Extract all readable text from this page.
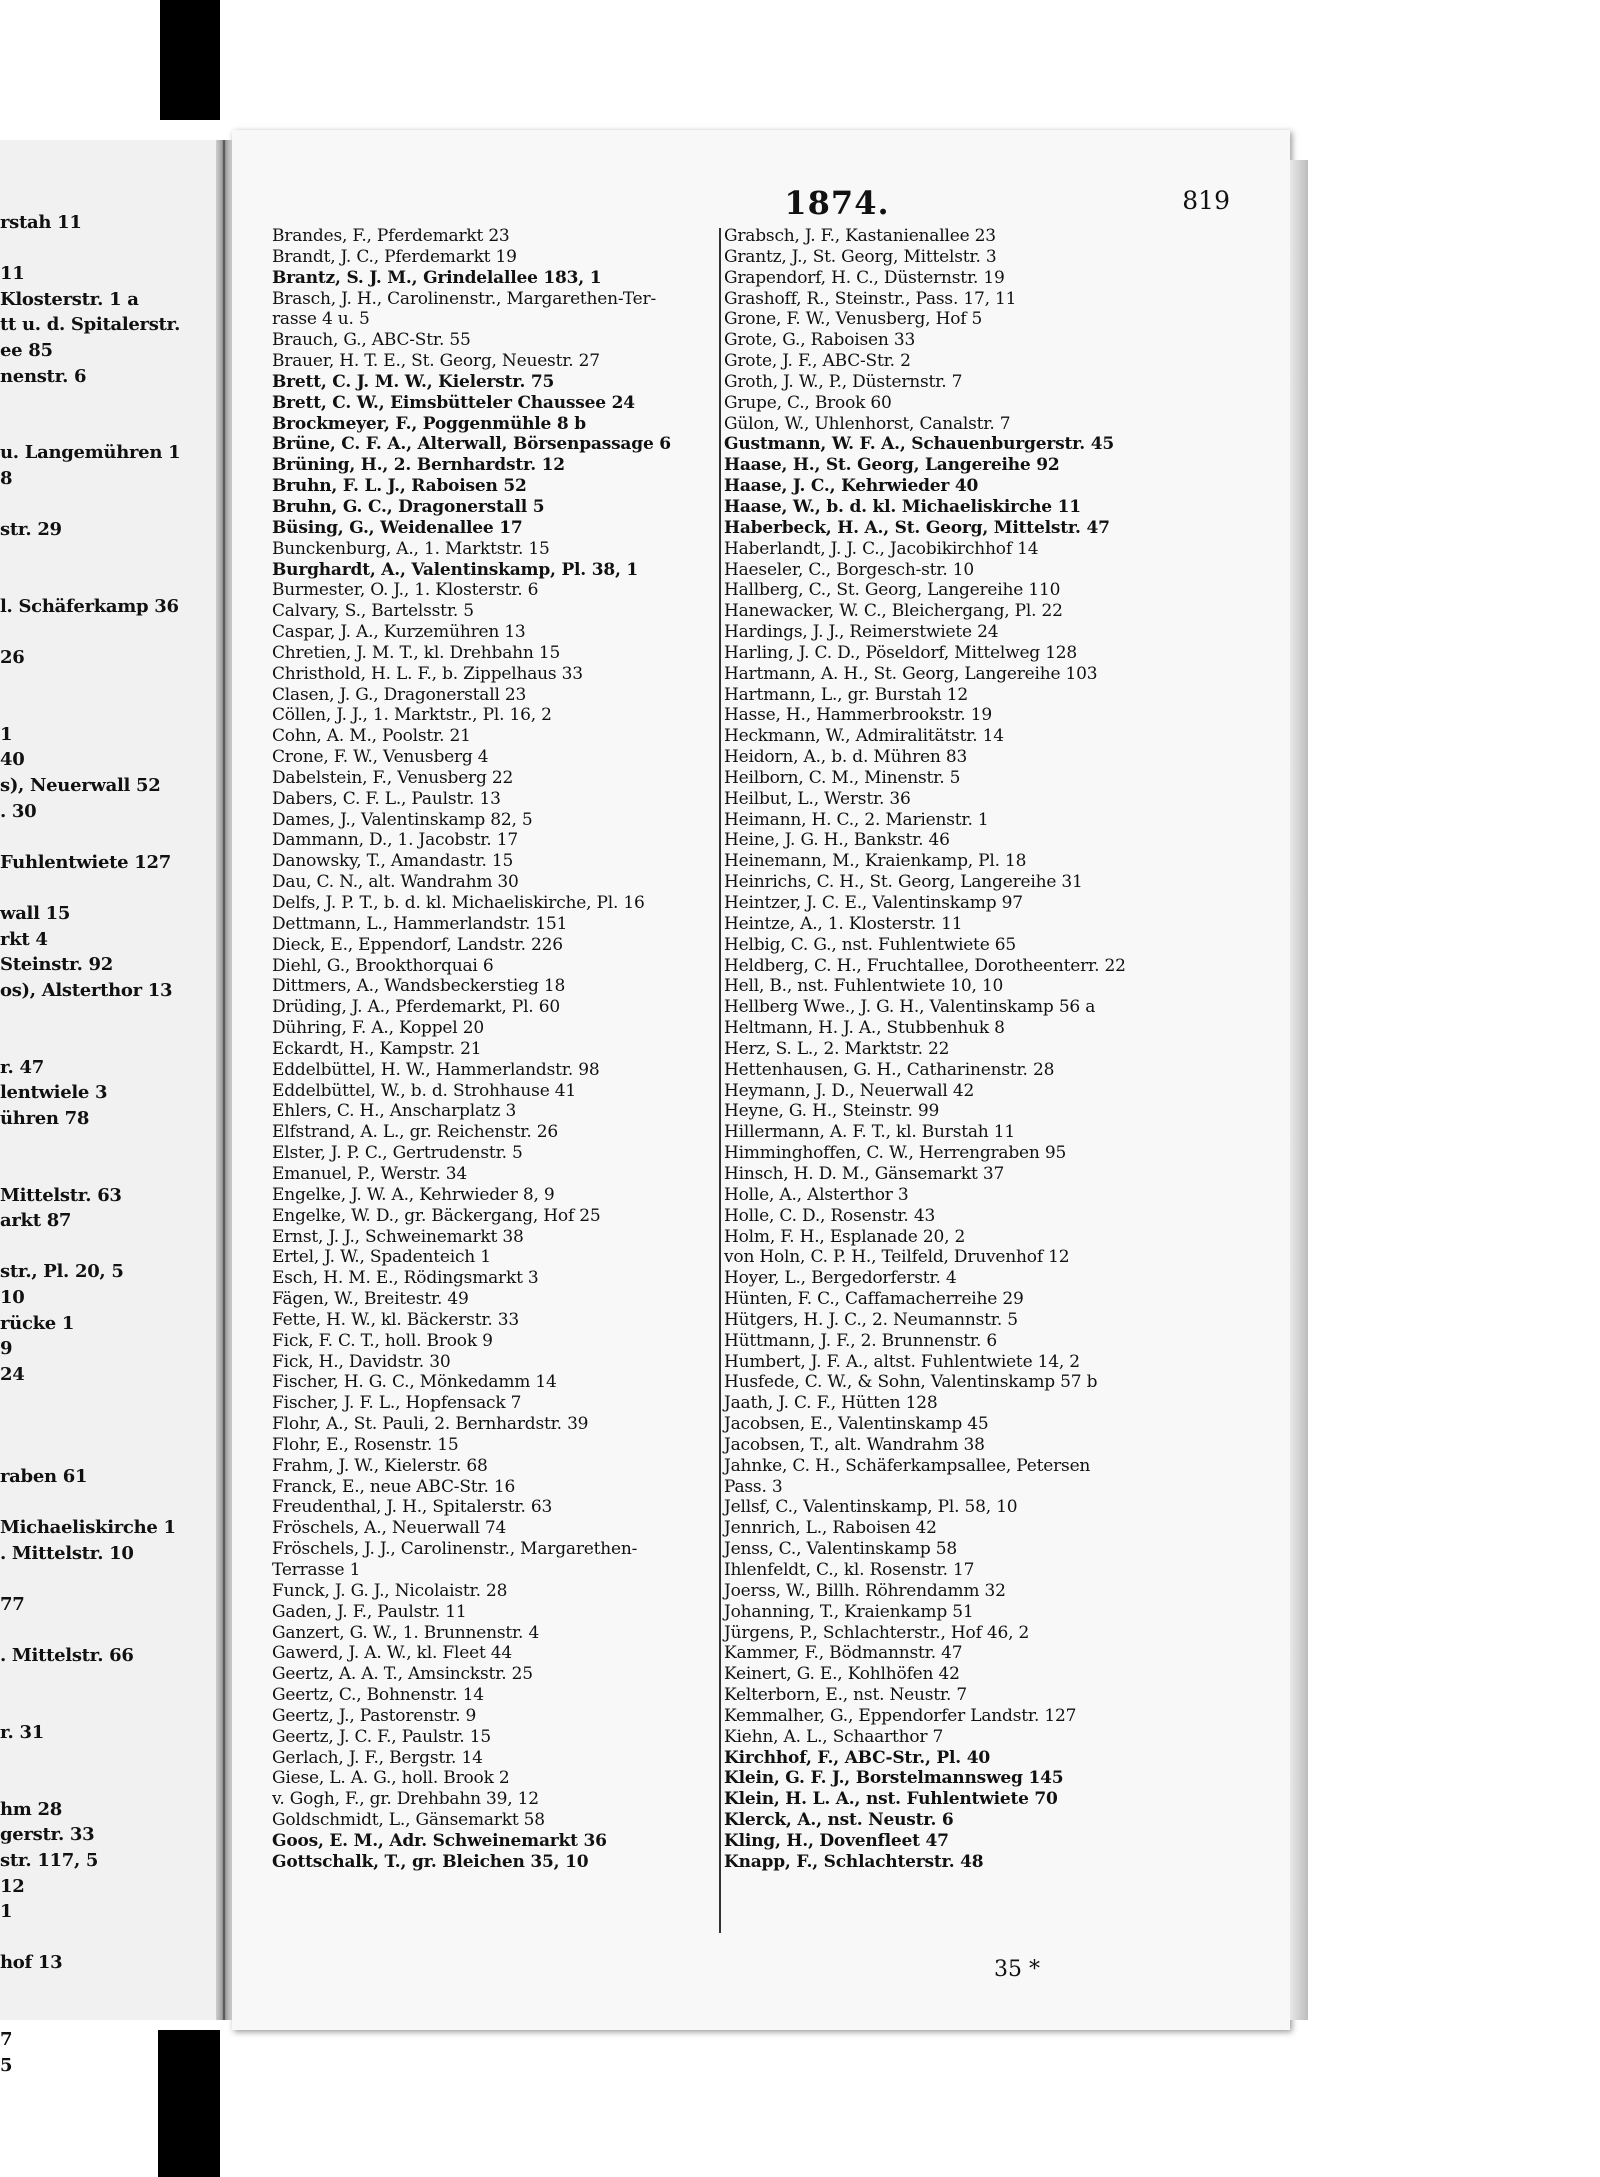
rstah 11
11
Klosterstr. 1 a
tt u. d. Spitalerstr.
ee 85
nenstr. 6
u. Langemühren 1
8
str. 29
l. Schäferkamp 36
26
1
40
s), Neuerwall 52
. 30
Fuhlentwiete 127
wall 15
rkt 4
Steinstr. 92
os), Alsterthor 13
r. 47
lentwiele 3
ühren 78
Mittelstr. 63
arkt 87
str., Pl. 20, 5
10
rücke 1
9
24
raben 61
Michaeliskirche 1
. Mittelstr. 10
77
. Mittelstr. 66
r. 31
hm 28
gerstr. 33
str. 117, 5
12
1
hof 13
7
5
1874.	819
Brandes, F., Pferdemarkt 23
Brandt, J. C., Pferdemarkt 19
Brantz, S. J. M., Grindelallee 183, 1
Brasch, J. H., Carolinenstr., Margarethen-Ter-
rasse 4 u. 5
Brauch, G., ABC-Str. 55
Brauer, H. T. E., St. Georg, Neuestr. 27
Brett, C. J. M. W., Kielerstr. 75
Brett, C. W., Eimsbütteler Chaussee 24
Brockmeyer, F., Poggenmühle 8 b
Brüne, C. F. A., Alterwall, Börsenpassage 6
Brüning, H., 2. Bernhardstr. 12
Bruhn, F. L. J., Raboisen 52
Bruhn, G. C., Dragonerstall 5
Büsing, G., Weidenallee 17
Bunckenburg, A., 1. Marktstr. 15
Burghardt, A., Valentinskamp, Pl. 38, 1
Burmester, O. J., 1. Klosterstr. 6
Calvary, S., Bartelsstr. 5
Caspar, J. A., Kurzemühren 13
Chretien, J. M. T., kl. Drehbahn 15
Christhold, H. L. F., b. Zippelhaus 33
Clasen, J. G., Dragonerstall 23
Cöllen, J. J., 1. Marktstr., Pl. 16, 2
Cohn, A. M., Poolstr. 21
Crone, F. W., Venusberg 4
Dabelstein, F., Venusberg 22
Dabers, C. F. L., Paulstr. 13
Dames, J., Valentinskamp 82, 5
Dammann, D., 1. Jacobstr. 17
Danowsky, T., Amandastr. 15
Dau, C. N., alt. Wandrahm 30
Delfs, J. P. T., b. d. kl. Michaeliskirche, Pl. 16
Dettmann, L., Hammerlandstr. 151
Dieck, E., Eppendorf, Landstr. 226
Diehl, G., Brookthorquai 6
Dittmers, A., Wandsbeckerstieg 18
Drüding, J. A., Pferdemarkt, Pl. 60
Dühring, F. A., Koppel 20
Eckardt, H., Kampstr. 21
Eddelbüttel, H. W., Hammerlandstr. 98
Eddelbüttel, W., b. d. Strohhause 41
Ehlers, C. H., Anscharplatz 3
Elfstrand, A. L., gr. Reichenstr. 26
Elster, J. P. C., Gertrudenstr. 5
Emanuel, P., Werstr. 34
Engelke, J. W. A., Kehrwieder 8, 9
Engelke, W. D., gr. Bäckergang, Hof 25
Ernst, J. J., Schweinemarkt 38
Ertel, J. W., Spadenteich 1
Esch, H. M. E., Rödingsmarkt 3
Fägen, W., Breitestr. 49
Fette, H. W., kl. Bäckerstr. 33
Fick, F. C. T., holl. Brook 9
Fick, H., Davidstr. 30
Fischer, H. G. C., Mönkedamm 14
Fischer, J. F. L., Hopfensack 7
Flohr, A., St. Pauli, 2. Bernhardstr. 39
Flohr, E., Rosenstr. 15
Frahm, J. W., Kielerstr. 68
Franck, E., neue ABC-Str. 16
Freudenthal, J. H., Spitalerstr. 63
Fröschels, A., Neuerwall 74
Fröschels, J. J., Carolinenstr., Margarethen-
Terrasse 1
Funck, J. G. J., Nicolaistr. 28
Gaden, J. F., Paulstr. 11
Ganzert, G. W., 1. Brunnenstr. 4
Gawerd, J. A. W., kl. Fleet 44
Geertz, A. A. T., Amsinckstr. 25
Geertz, C., Bohnenstr. 14
Geertz, J., Pastorenstr. 9
Geertz, J. C. F., Paulstr. 15
Gerlach, J. F., Bergstr. 14
Giese, L. A. G., holl. Brook 2
v. Gogh, F., gr. Drehbahn 39, 12
Goldschmidt, L., Gänsemarkt 58
Goos, E. M., Adr. Schweinemarkt 36
Gottschalk, T., gr. Bleichen 35, 10
Grabsch, J. F., Kastanienallee 23
Grantz, J., St. Georg, Mittelstr. 3
Grapendorf, H. C., Düsternstr. 19
Grashoff, R., Steinstr., Pass. 17, 11
Grone, F. W., Venusberg, Hof 5
Grote, G., Raboisen 33
Grote, J. F., ABC-Str. 2
Groth, J. W., P., Düsternstr. 7
Grupe, C., Brook 60
Gülon, W., Uhlenhorst, Canalstr. 7
Gustmann, W. F. A., Schauenburgerstr. 45
Haase, H., St. Georg, Langereihe 92
Haase, J. C., Kehrwieder 40
Haase, W., b. d. kl. Michaeliskirche 11
Haberbeck, H. A., St. Georg, Mittelstr. 47
Haberlandt, J. J. C., Jacobikirchhof 14
Haeseler, C., Borgesch-str. 10
Hallberg, C., St. Georg, Langereihe 110
Hanewacker, W. C., Bleichergang, Pl. 22
Hardings, J. J., Reimerstwiete 24
Harling, J. C. D., Pöseldorf, Mittelweg 128
Hartmann, A. H., St. Georg, Langereihe 103
Hartmann, L., gr. Burstah 12
Hasse, H., Hammerbrookstr. 19
Heckmann, W., Admiralitätstr. 14
Heidorn, A., b. d. Mühren 83
Heilborn, C. M., Minenstr. 5
Heilbut, L., Werstr. 36
Heimann, H. C., 2. Marienstr. 1
Heine, J. G. H., Bankstr. 46
Heinemann, M., Kraienkamp, Pl. 18
Heinrichs, C. H., St. Georg, Langereihe 31
Heintzer, J. C. E., Valentinskamp 97
Heintze, A., 1. Klosterstr. 11
Helbig, C. G., nst. Fuhlentwiete 65
Heldberg, C. H., Fruchtallee, Dorotheenterr. 22
Hell, B., nst. Fuhlentwiete 10, 10
Hellberg Wwe., J. G. H., Valentinskamp 56 a
Heltmann, H. J. A., Stubbenhuk 8
Herz, S. L., 2. Marktstr. 22
Hettenhausen, G. H., Catharinenstr. 28
Heymann, J. D., Neuerwall 42
Heyne, G. H., Steinstr. 99
Hillermann, A. F. T., kl. Burstah 11
Himminghoffen, C. W., Herrengraben 95
Hinsch, H. D. M., Gänsemarkt 37
Holle, A., Alsterthor 3
Holle, C. D., Rosenstr. 43
Holm, F. H., Esplanade 20, 2
von Holn, C. P. H., Teilfeld, Druvenhof 12
Hoyer, L., Bergedorferstr. 4
Hünten, F. C., Caffamacherreihe 29
Hütgers, H. J. C., 2. Neumannstr. 5
Hüttmann, J. F., 2. Brunnenstr. 6
Humbert, J. F. A., altst. Fuhlentwiete 14, 2
Husfede, C. W., & Sohn, Valentinskamp 57 b
Jaath, J. C. F., Hütten 128
Jacobsen, E., Valentinskamp 45
Jacobsen, T., alt. Wandrahm 38
Jahnke, C. H., Schäferkampsallee, Petersen
Pass. 3
Jellsf, C., Valentinskamp, Pl. 58, 10
Jennrich, L., Raboisen 42
Jenss, C., Valentinskamp 58
Ihlenfeldt, C., kl. Rosenstr. 17
Joerss, W., Billh. Röhrendamm 32
Johanning, T., Kraienkamp 51
Jürgens, P., Schlachterstr., Hof 46, 2
Kammer, F., Bödmannstr. 47
Keinert, G. E., Kohlhöfen 42
Kelterborn, E., nst. Neustr. 7
Kemmalher, G., Eppendorfer Landstr. 127
Kiehn, A. L., Schaarthor 7
Kirchhof, F., ABC-Str., Pl. 40
Klein, G. F. J., Borstelmannsweg 145
Klein, H. L. A., nst. Fuhlentwiete 70
Klerck, A., nst. Neustr. 6
Kling, H., Dovenfleet 47
Knapp, F., Schlachterstr. 48
35 *
